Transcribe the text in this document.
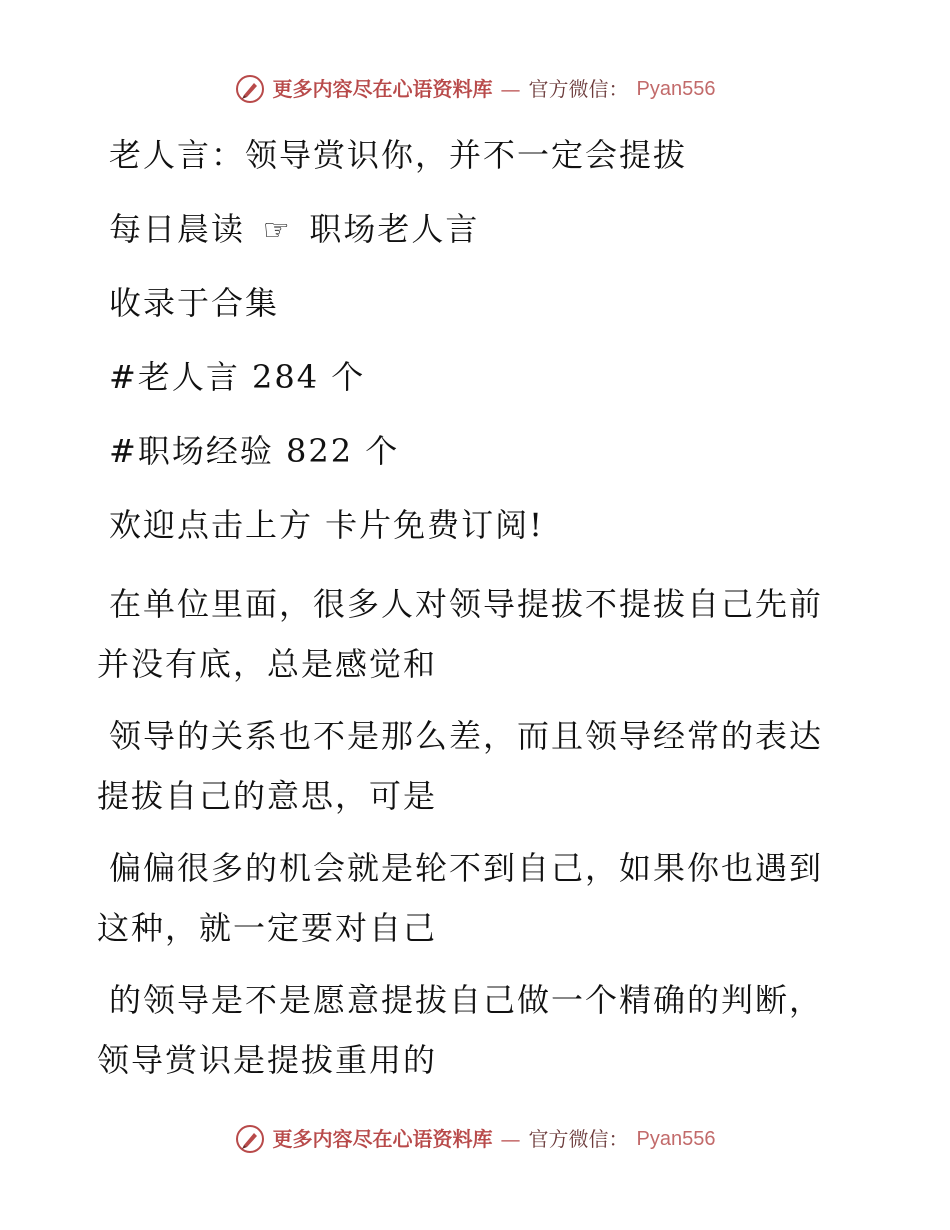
更多内容尽在心语资料库 — 官方微信： Pyan556
老人言：领导赏识你，并不一定会提拔
每日晨读 ☞ 职场老人言
收录于合集
#老人言 284 个
#职场经验 822 个
欢迎点击上方 卡片免费订阅!
在单位里面，很多人对领导提拔不提拔自己先前并没有底，总是感觉和
领导的关系也不是那么差，而且领导经常的表达提拔自己的意思，可是
偏偏很多的机会就是轮不到自己，如果你也遇到这种，就一定要对自己
的领导是不是愿意提拔自己做一个精确的判断，领导赏识是提拔重用的
更多内容尽在心语资料库 — 官方微信： Pyan556
